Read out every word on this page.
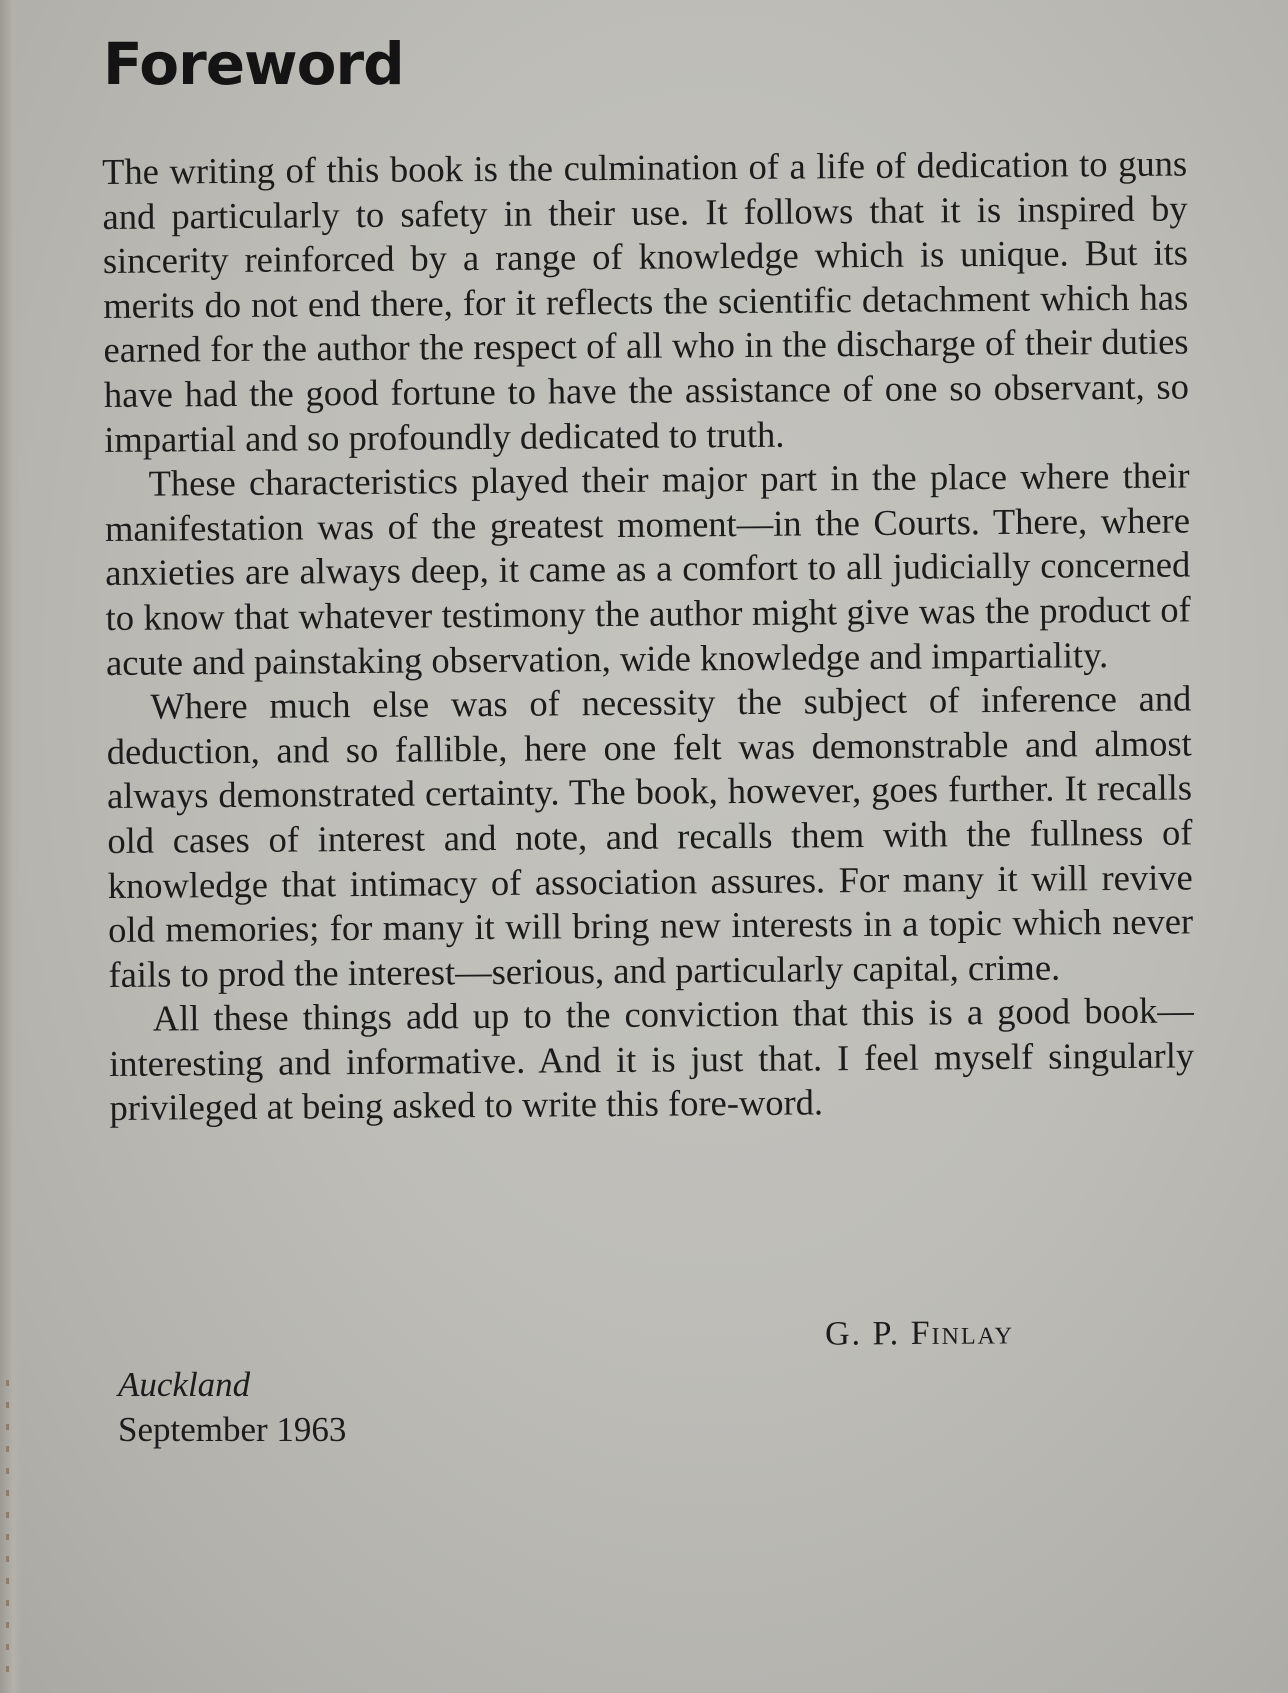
Foreword

The writing of this book is the culmination of a life of dedication to guns and particularly to safety in their use. It follows that it is inspired by sincerity reinforced by a range of knowledge which is unique. But its merits do not end there, for it reflects the scientific detachment which has earned for the author the respect of all who in the discharge of their duties have had the good fortune to have the assistance of one so observant, so impartial and so profoundly dedicated to truth.

These characteristics played their major part in the place where their manifestation was of the greatest moment—in the Courts. There, where anxieties are always deep, it came as a comfort to all judicially concerned to know that whatever testimony the author might give was the product of acute and painstaking observation, wide knowledge and impartiality.

Where much else was of necessity the subject of inference and deduction, and so fallible, here one felt was demonstrable and almost always demonstrated certainty. The book, however, goes further. It recalls old cases of interest and note, and recalls them with the fullness of knowledge that intimacy of association assures. For many it will revive old memories; for many it will bring new interests in a topic which never fails to prod the interest—serious, and particularly capital, crime.

All these things add up to the conviction that this is a good book—interesting and informative. And it is just that. I feel myself singularly privileged at being asked to write this fore-word.

G. P. Finlay

Auckland

September 1963
